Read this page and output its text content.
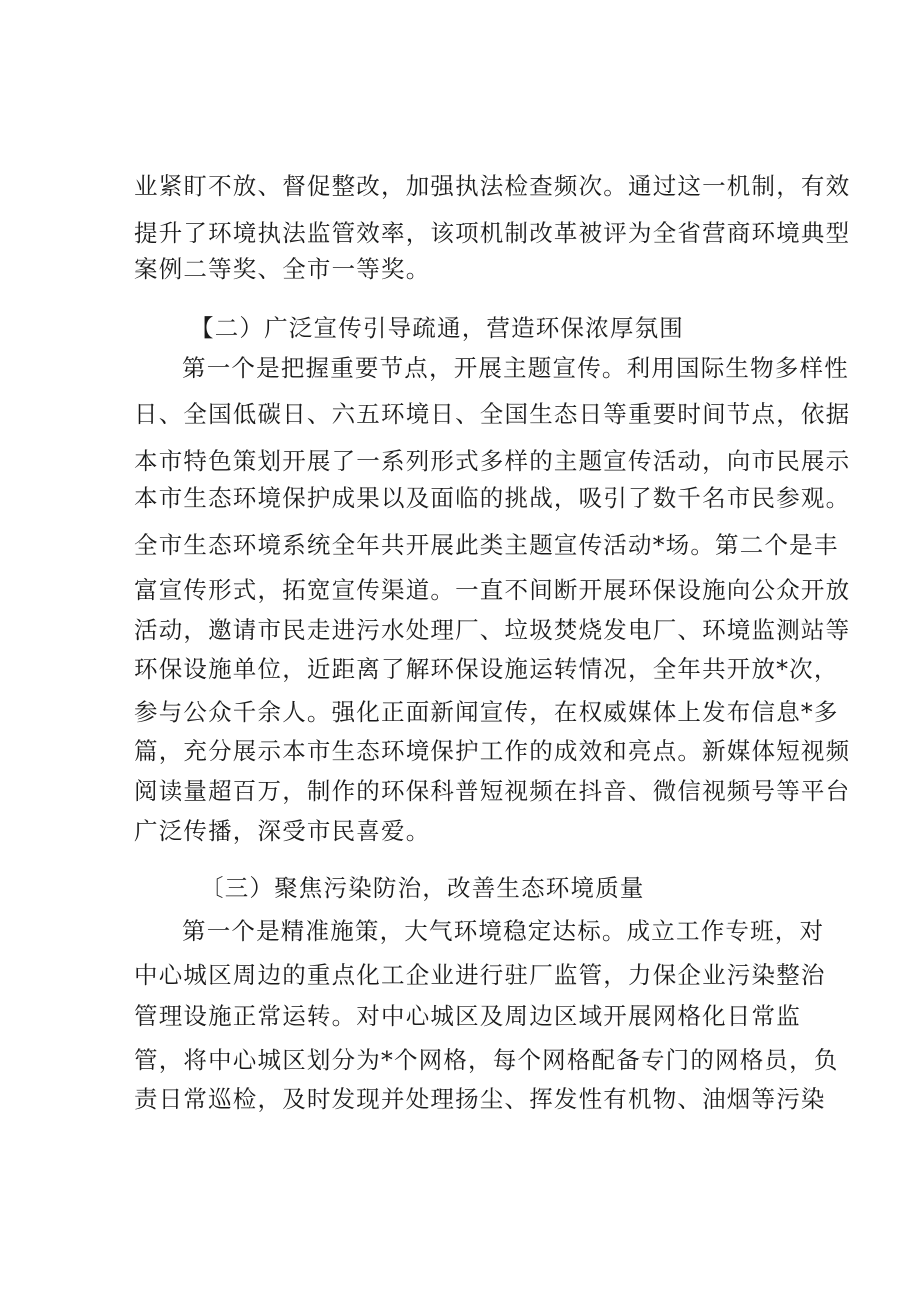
业紧盯不放、督促整改，加强执法检查频次。通过这一机制，有效
提升了环境执法监管效率，该项机制改革被评为全省营商环境典型
案例二等奖、全市一等奖。
【二）广泛宣传引导疏通，营造环保浓厚氛围
第一个是把握重要节点，开展主题宣传。利用国际生物多样性
日、全国低碳日、六五环境日、全国生态日等重要时间节点，依据
本市特色策划开展了一系列形式多样的主题宣传活动，向市民展示
本市生态环境保护成果以及面临的挑战，吸引了数千名市民参观。
全市生态环境系统全年共开展此类主题宣传活动*场。第二个是丰
富宣传形式，拓宽宣传渠道。一直不间断开展环保设施向公众开放
活动，邀请市民走进污水处理厂、垃圾焚烧发电厂、环境监测站等
环保设施单位，近距离了解环保设施运转情况，全年共开放*次，
参与公众千余人。强化正面新闻宣传，在权威媒体上发布信息*多
篇，充分展示本市生态环境保护工作的成效和亮点。新媒体短视频
阅读量超百万，制作的环保科普短视频在抖音、微信视频号等平台
广泛传播，深受市民喜爱。
〔三）聚焦污染防治，改善生态环境质量
第一个是精准施策，大气环境稳定达标。成立工作专班，对
中心城区周边的重点化工企业进行驻厂监管，力保企业污染整治
管理设施正常运转。对中心城区及周边区域开展网格化日常监
管，将中心城区划分为*个网格，每个网格配备专门的网格员，负
责日常巡检，及时发现并处理扬尘、挥发性有机物、油烟等污染
